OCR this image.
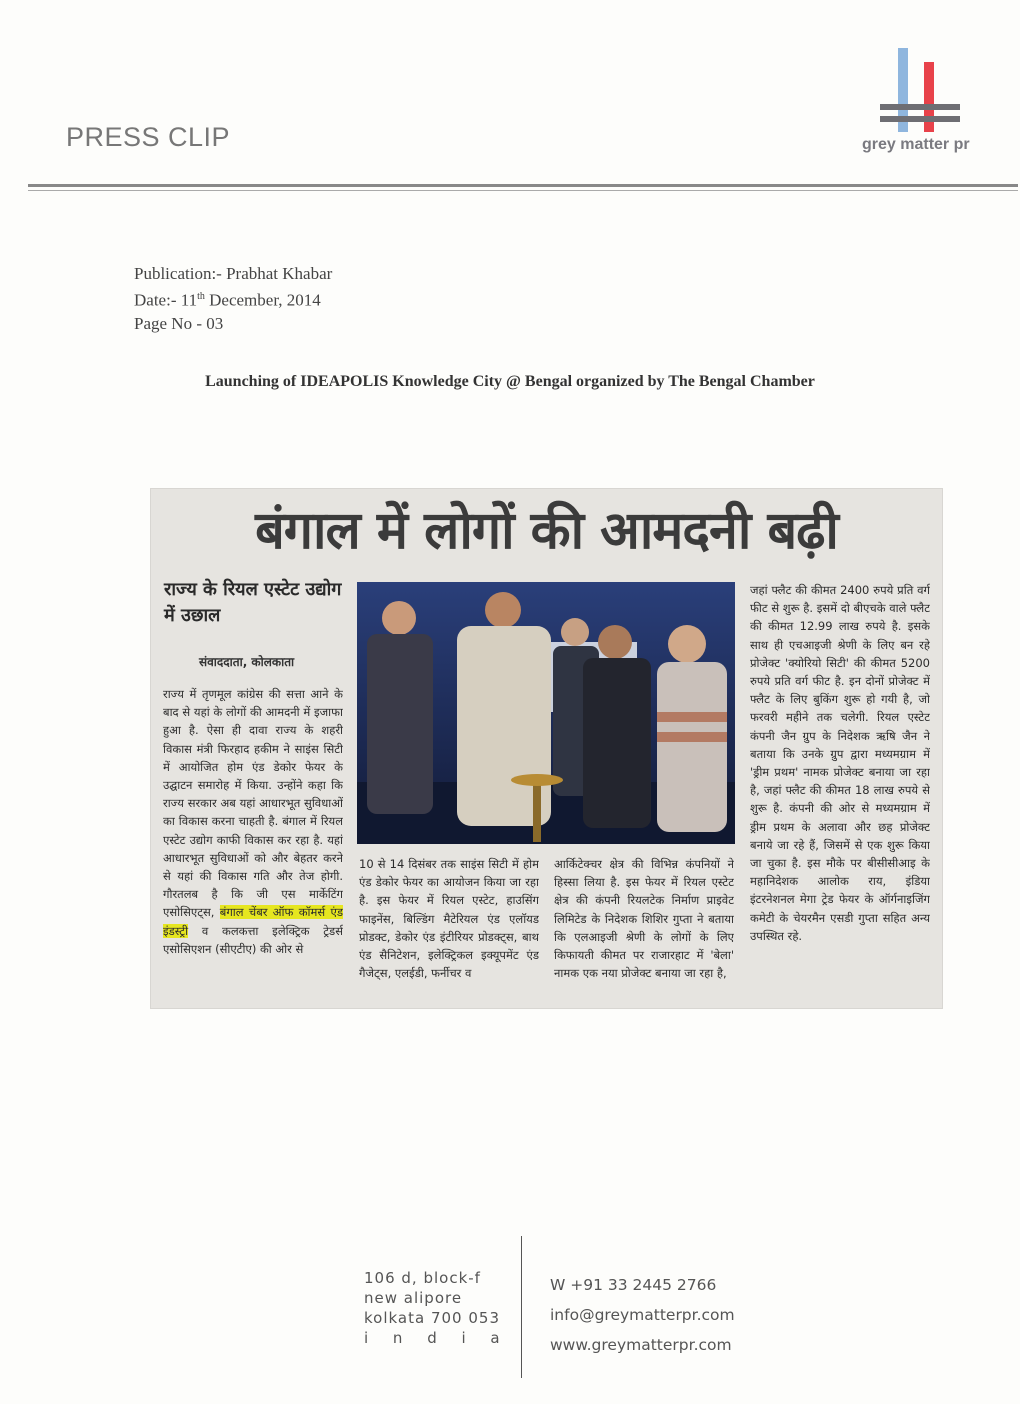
PRESS CLIP	grey matter pr
Publication:- Prabhat Khabar
Date:- 11th December, 2014
Page No - 03
Launching of IDEAPOLIS Knowledge City @ Bengal organized by The Bengal Chamber
बंगाल में लोगों की आमदनी बढ़ी
राज्य के रियल एस्टेट उद्योग में उछाल
संवाददाता, कोलकाता
राज्य में तृणमूल कांग्रेस की सत्ता आने के बाद से यहां के लोगों की आमदनी में इजाफा हुआ है. ऐसा ही दावा राज्य के शहरी विकास मंत्री फिरहाद हकीम ने साइंस सिटी में आयोजित होम एंड डेकोर फेयर के उद्घाटन समारोह में किया. उन्होंने कहा कि राज्य सरकार अब यहां आधारभूत सुविधाओं का विकास करना चाहती है. बंगाल में रियल एस्टेट उद्योग काफी विकास कर रहा है. यहां आधारभूत सुविधाओं को और बेहतर करने से यहां की विकास गति और तेज होगी. गौरतलब है कि जी एस मार्केटिंग एसोसिएट्स, बंगाल चेंबर ऑफ कॉमर्स एंड इंडस्ट्री व कलकत्ता इलेक्ट्रिक ट्रेडर्स एसोसिएशन (सीएटीए) की ओर से
10 से 14 दिसंबर तक साइंस सिटी में होम एंड डेकोर फेयर का आयोजन किया जा रहा है. इस फेयर में रियल एस्टेट, हाउसिंग फाइनेंस, बिल्डिंग मैटेरियल एंड एलॉयड प्रोडक्ट, डेकोर एंड इंटीरियर प्रोडक्ट्स, बाथ एंड सैनिटेशन, इलेक्ट्रिकल इक्यूपमेंट एंड गैजेट्स, एलईडी, फर्नीचर व
आर्किटेक्चर क्षेत्र की विभिन्न कंपनियों ने हिस्सा लिया है. इस फेयर में रियल एस्टेट क्षेत्र की कंपनी रियलटेक निर्माण प्राइवेट लिमिटेड के निदेशक शिशिर गुप्ता ने बताया कि एलआइजी श्रेणी के लोगों के लिए किफायती कीमत पर राजारहाट में 'बेला' नामक एक नया प्रोजेक्ट बनाया जा रहा है,
जहां फ्लैट की कीमत 2400 रुपये प्रति वर्ग फीट से शुरू है. इसमें दो बीएचके वाले फ्लैट की कीमत 12.99 लाख रुपये है. इसके साथ ही एचआइजी श्रेणी के लिए बन रहे प्रोजेक्ट 'क्योरियो सिटी' की कीमत 5200 रुपये प्रति वर्ग फीट है. इन दोनों प्रोजेक्ट में फ्लैट के लिए बुकिंग शुरू हो गयी है, जो फरवरी महीने तक चलेगी. रियल एस्टेट कंपनी जैन ग्रुप के निदेशक ऋषि जैन ने बताया कि उनके ग्रुप द्वारा मध्यमग्राम में 'ड्रीम प्रथम' नामक प्रोजेक्ट बनाया जा रहा है, जहां फ्लैट की कीमत 18 लाख रुपये से शुरू है. कंपनी की ओर से मध्यमग्राम में ड्रीम प्रथम के अलावा और छह प्रोजेक्ट बनाये जा रहे हैं, जिसमें से एक शुरू किया जा चुका है. इस मौके पर बीसीसीआइ के महानिदेशक आलोक राय, इंडिया इंटरनेशनल मेगा ट्रेड फेयर के ऑर्गनाइजिंग कमेटी के चेयरमैन एसडी गुप्ता सहित अन्य उपस्थित रहे.
106 d, block-f
new alipore
kolkata 700 053
i n d i a
W +91 33 2445 2766
info@greymatterpr.com
www.greymatterpr.com
